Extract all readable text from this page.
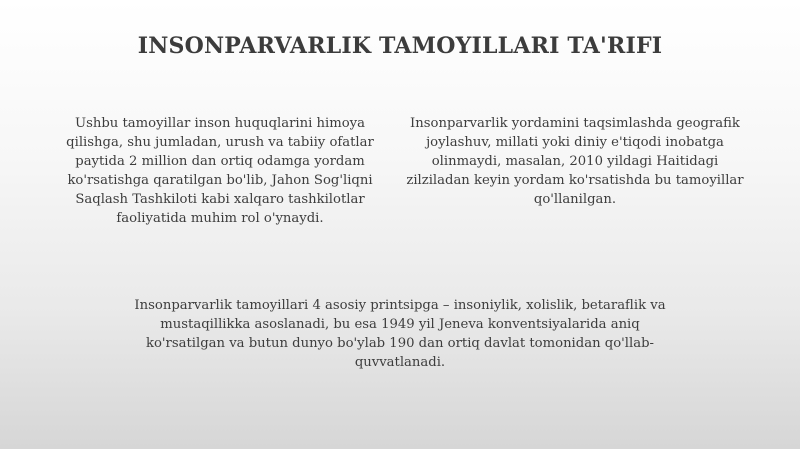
INSONPARVARLIK TAMOYILLARI TA'RIFI

Ushbu tamoyillar inson huquqlarini himoya qilishga, shu jumladan, urush va tabiiy ofatlar paytida 2 million dan ortiq odamga yordam ko'rsatishga qaratilgan bo'lib, Jahon Sog'liqni Saqlash Tashkiloti kabi xalqaro tashkilotlar faoliyatida muhim rol o'ynaydi.

Insonparvarlik yordamini taqsimlashda geografik joylashuv, millati yoki diniy e'tiqodi inobatga olinmaydi, masalan, 2010 yildagi Haitidagi zilziladan keyin yordam ko'rsatishda bu tamoyillar qo'llanilgan.

Insonparvarlik tamoyillari 4 asosiy printsipga – insoniylik, xolislik, betaraflik va mustaqillikka asoslanadi, bu esa 1949 yil Jeneva konventsiyalarida aniq ko'rsatilgan va butun dunyo bo'ylab 190 dan ortiq davlat tomonidan qo'llab-quvvatlanadi.
